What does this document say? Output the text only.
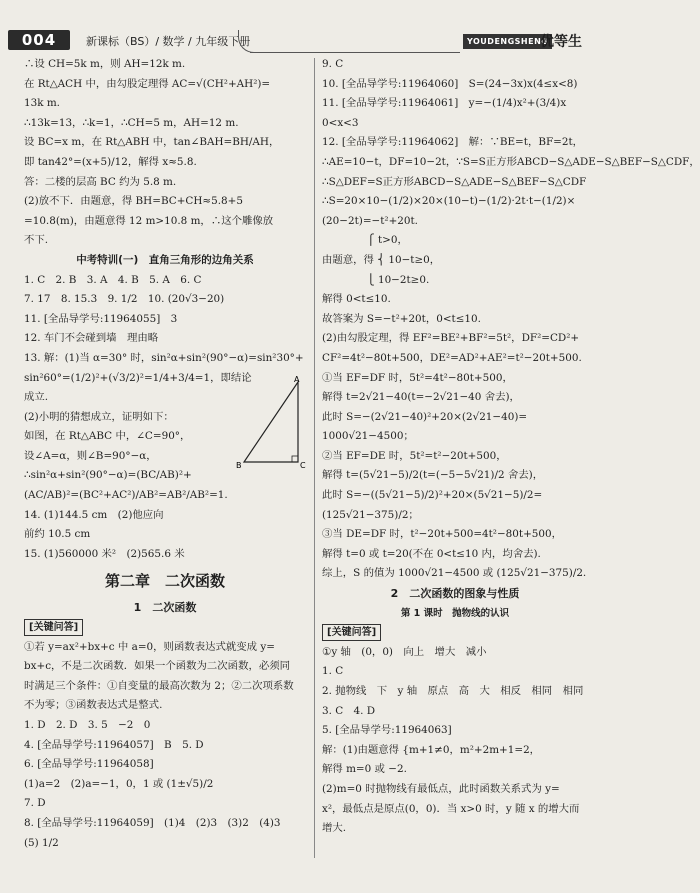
004	新课标（BS）/ 数学 / 九年级下册	YOUDENGSHENG
优等生
∴设 CH=5k m，则 AH=12k m.
在 Rt△ACH 中，由勾股定理得 AC=√(CH²+AH²)=
13k m.
∴13k=13，∴k=1，∴CH=5 m，AH=12 m.
设 BC=x m，在 Rt△ABH 中，tan∠BAH=BH/AH，
即 tan42°=(x+5)/12，解得 x≈5.8.
答：二楼的层高 BC 约为 5.8 m.
(2)放不下．由题意，得 BH=BC+CH≈5.8+5
=10.8(m)，由题意得 12 m>10.8 m，∴这个雕像放
不下.
中考特训(一)　直角三角形的边角关系
1. C　2. B　3. A　4. B　5. A　6. C
7. 17　8. 15.3　9. 1/2　10. (20√3−20)
11. [全品导学号:11964055]　3
12. 车门不会碰到墙　理由略
13. 解：(1)当 α=30° 时，sin²α+sin²(90°−α)=sin²30°+
sin²60°=(1/2)²+(√3/2)²=1/4+3/4=1，即结论
成立.
(2)小明的猜想成立，证明如下：
如图，在 Rt△ABC 中，∠C=90°，
设∠A=α，则∠B=90°−α，
∴sin²α+sin²(90°−α)=(BC/AB)²+
(AC/AB)²=(BC²+AC²)/AB²=AB²/AB²=1.
14. (1)144.5 cm　(2)他应向
前约 10.5 cm
15. (1)560000 米²　(2)565.6 米
第二章　二次函数
1　二次函数
[关键问答]
①若 y=ax²+bx+c 中 a=0，则函数表达式就变成 y=
bx+c，不是二次函数．如果一个函数为二次函数，必须同
时满足三个条件：①自变量的最高次数为 2；②二次项系数
不为零；③函数表达式是整式.
1. D　2. D　3. 5　−2　0
4. [全品导学号:11964057]　B　5. D
6. [全品导学号:11964058]
(1)a=2　(2)a=−1，0，1 或 (1±√5)/2
7. D
8. [全品导学号:11964059]　(1)4　(2)3　(3)2　(4)3
(5) 1/2
9. C
10. [全品导学号:11964060]　S=(24−3x)x(4≤x<8)
11. [全品导学号:11964061]　y=−(1/4)x²+(3/4)x
0<x<3
12. [全品导学号:11964062]　解：∵BE=t，BF=2t，
∴AE=10−t，DF=10−2t，∵S=S正方形ABCD−S△ADE−S△BEF−S△CDF，
∴S△DEF=S正方形ABCD−S△ADE−S△BEF−S△CDF
∴S=20×10−(1/2)×20×(10−t)−(1/2)·2t·t−(1/2)×
(20−2t)=−t²+20t.
　　　　 ⎧ t>0，
由题意，得 ⎨ 10−t≥0，
　　　　 ⎩ 10−2t≥0.
解得 0<t≤10.
故答案为 S=−t²+20t，0<t≤10.
(2)由勾股定理，得 EF²=BE²+BF²=5t²，DF²=CD²+
CF²=4t²−80t+500，DE²=AD²+AE²=t²−20t+500.
①当 EF=DF 时，5t²=4t²−80t+500，
解得 t=2√21−40(t=−2√21−40 舍去)，
此时 S=−(2√21−40)²+20×(2√21−40)=
1000√21−4500；
②当 EF=DE 时，5t²=t²−20t+500，
解得 t=(5√21−5)/2(t=(−5−5√21)/2 舍去)，
此时 S=−((5√21−5)/2)²+20×(5√21−5)/2=
(125√21−375)/2；
③当 DE=DF 时，t²−20t+500=4t²−80t+500，
解得 t=0 或 t=20(不在 0<t≤10 内，均舍去).
综上，S 的值为 1000√21−4500 或 (125√21−375)/2.
2　二次函数的图象与性质
第 1 课时　抛物线的认识
[关键问答]
①y 轴　(0，0)　向上　增大　减小
1. C
2. 抛物线　下　y 轴　原点　高　大　相反　相同　相同
3. C　4. D
5. [全品导学号:11964063]
解：(1)由题意得 {m+1≠0，m²+2m+1=2，
解得 m=0 或 −2.
(2)m=0 时抛物线有最低点，此时函数关系式为 y=
x²，最低点是原点(0，0)．当 x>0 时，y 随 x 的增大而
增大.
A
B	C
